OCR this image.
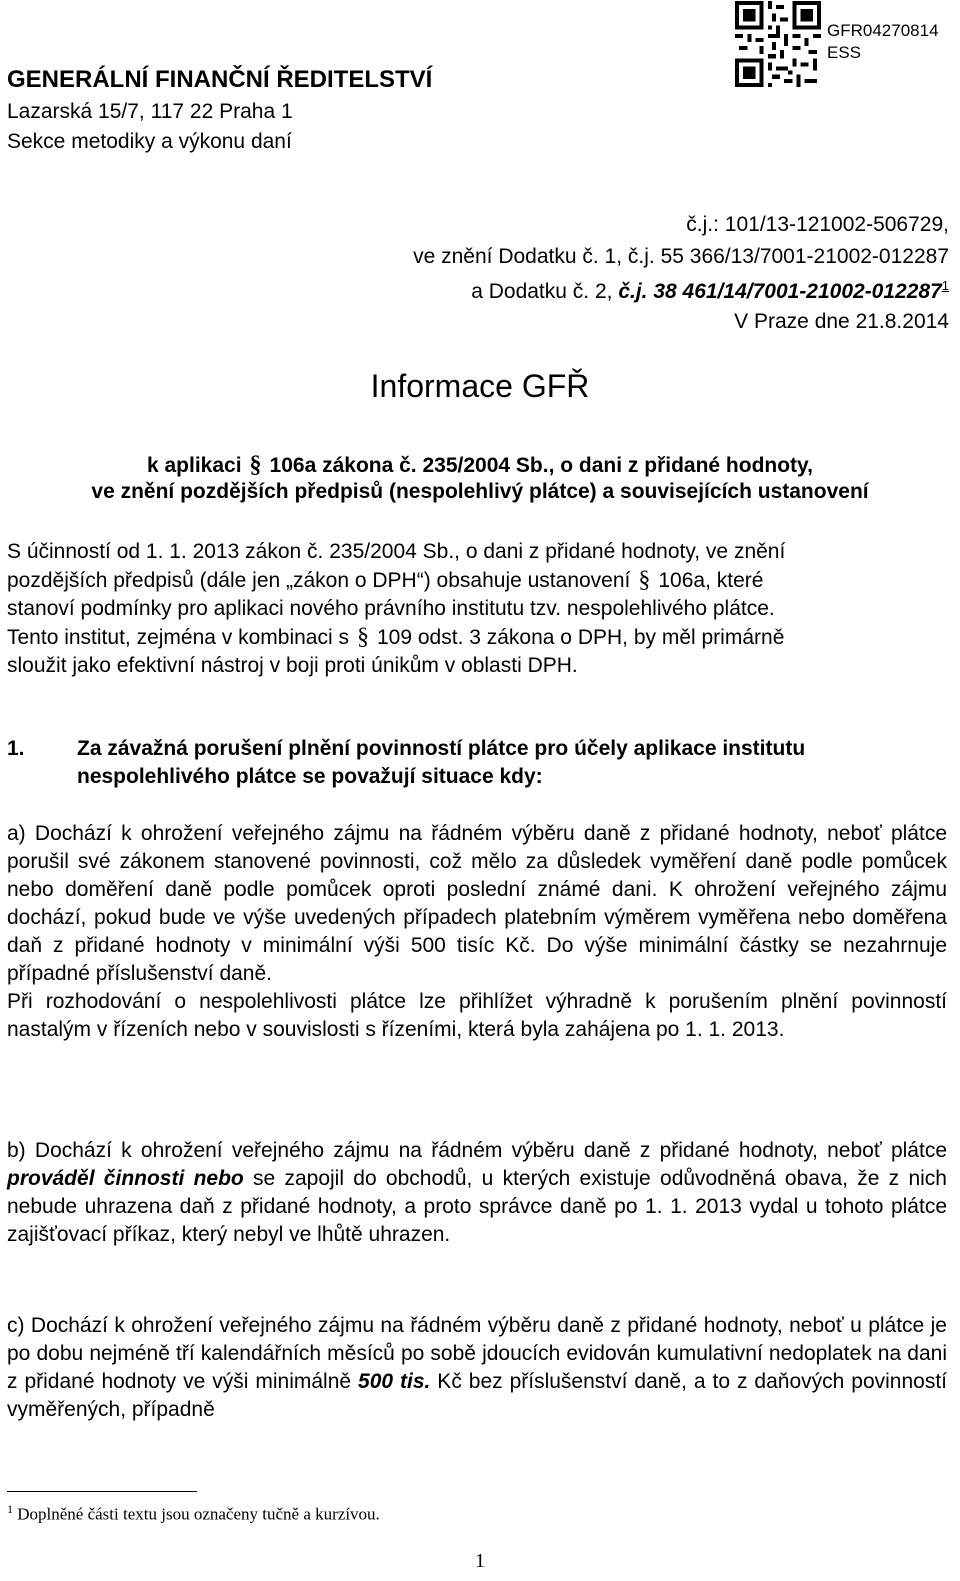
GFR04270814
ESS
GENERÁLNÍ FINANČNÍ ŘEDITELSTVÍ
Lazarská 15/7, 117 22 Praha 1
Sekce metodiky a výkonu daní
č.j.: 101/13-121002-506729,
ve znění Dodatku č. 1, č.j. 55 366/13/7001-21002-012287
a Dodatku č. 2, č.j. 38 461/14/7001-21002-012287$^1$
V Praze dne 21.8.2014
Informace GFŘ
k aplikaci § 106a zákona č. 235/2004 Sb., o dani z přidané hodnoty,
ve znění pozdějších předpisů (nespolehlivý plátce) a souvisejících ustanovení

S účinností od 1. 1. 2013 zákon č. 235/2004 Sb., o dani z přidané hodnoty, ve znění

pozdějších předpisů (dále jen „zákon o DPH“) obsahuje ustanovení § 106a, které

stanoví podmínky pro aplikaci nového právního institutu tzv. nespolehlivého plátce.

Tento institut, zejména v kombinaci s § 109 odst. 3 zákona o DPH, by měl primárně

sloužit jako efektivní nástroj v boji proti únikům v oblasti DPH.

1. Za závažná porušení plnění povinností plátce pro účely aplikace institutu
nespolehlivého plátce se považují situace kdy:

a) Dochází k ohrožení veřejného zájmu na řádném výběru daně z přidané hodnoty, neboť plátce porušil své zákonem stanovené povinnosti, což mělo za důsledek vyměření daně podle pomůcek nebo doměření daně podle pomůcek oproti poslední známé dani. K ohrožení veřejného zájmu dochází, pokud bude ve výše uvedených případech platebním výměrem vyměřena nebo doměřena daň z přidané hodnoty v minimální výši 500 tisíc Kč. Do výše minimální částky se nezahrnuje případné příslušenství daně.

Při rozhodování o nespolehlivosti plátce lze přihlížet výhradně k porušením plnění povinností nastalým v řízeních nebo v souvislosti s řízeními, která byla zahájena po 1. 1. 2013.

b) Dochází k ohrožení veřejného zájmu na řádném výběru daně z přidané hodnoty, neboť plátce prováděl činnosti nebo se zapojil do obchodů, u kterých existuje odůvodněná obava, že z nich nebude uhrazena daň z přidané hodnoty, a proto správce daně po 1. 1. 2013 vydal u tohoto plátce zajišťovací příkaz, který nebyl ve lhůtě uhrazen.

c) Dochází k ohrožení veřejného zájmu na řádném výběru daně z přidané hodnoty, neboť u plátce je po dobu nejméně tří kalendářních měsíců po sobě jdoucích evidován kumulativní nedoplatek na dani z přidané hodnoty ve výši minimálně 500 tis. Kč bez příslušenství daně, a to z daňových povinností vyměřených, případně

$^1$ Doplněné části textu jsou označeny tučně a kurzívou.
1
